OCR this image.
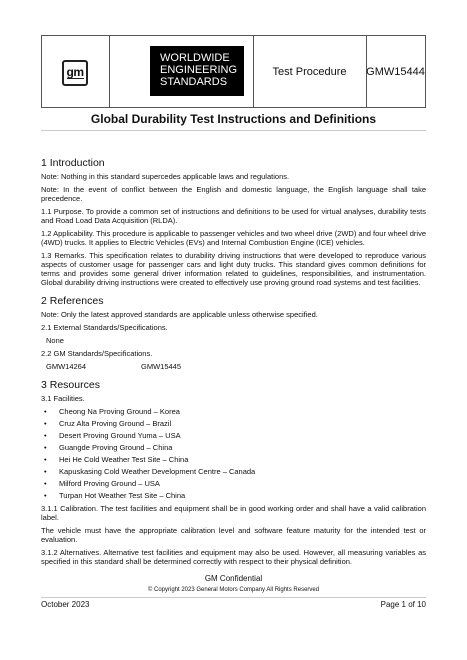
gm
WORLDWIDE
ENGINEERING
STANDARDS
Test Procedure	GMW15444
Global Durability Test Instructions and Definitions
1 Introduction

Note: Nothing in this standard supercedes applicable laws and regulations.

Note: In the event of conflict between the English and domestic language, the English language shall take precedence.

1.1 Purpose. To provide a common set of instructions and definitions to be used for virtual analyses, durability tests and Road Load Data Acquisition (RLDA).

1.2 Applicability. This procedure is applicable to passenger vehicles and two wheel drive (2WD) and four wheel drive (4WD) trucks. It applies to Electric Vehicles (EVs) and Internal Combustion Engine (ICE) vehicles.

1.3 Remarks. This specification relates to durability driving instructions that were developed to reproduce various aspects of customer usage for passenger cars and light duty trucks. This standard gives common definitions for terms and provides some general driver information related to guidelines, responsibilities, and instrumentation. Global durability driving instructions were created to effectively use proving ground road systems and test facilities.

2 References

Note: Only the latest approved standards are applicable unless otherwise specified.

2.1 External Standards/Specifications.

None

2.2 GM Standards/Specifications.

GMW14264	GMW15445
3 Resources

3.1 Facilities.

• Cheong Na Proving Ground – Korea
• Cruz Alta Proving Ground – Brazil
• Desert Proving Ground Yuma – USA
• Guangde Proving Ground – China
• Hei He Cold Weather Test Site – China
• Kapuskasing Cold Weather Development Centre – Canada
• Milford Proving Ground – USA
• Turpan Hot Weather Test Site – China

3.1.1 Calibration. The test facilities and equipment shall be in good working order and shall have a valid calibration label.

The vehicle must have the appropriate calibration level and software feature maturity for the intended test or evaluation.

3.1.2 Alternatives. Alternative test facilities and equipment may also be used. However, all measuring variables as specified in this standard shall be determined correctly with respect to their physical definition.

GM Confidential
© Copyright 2023 General Motors Company All Rights Reserved
October 2023	Page 1 of 10
